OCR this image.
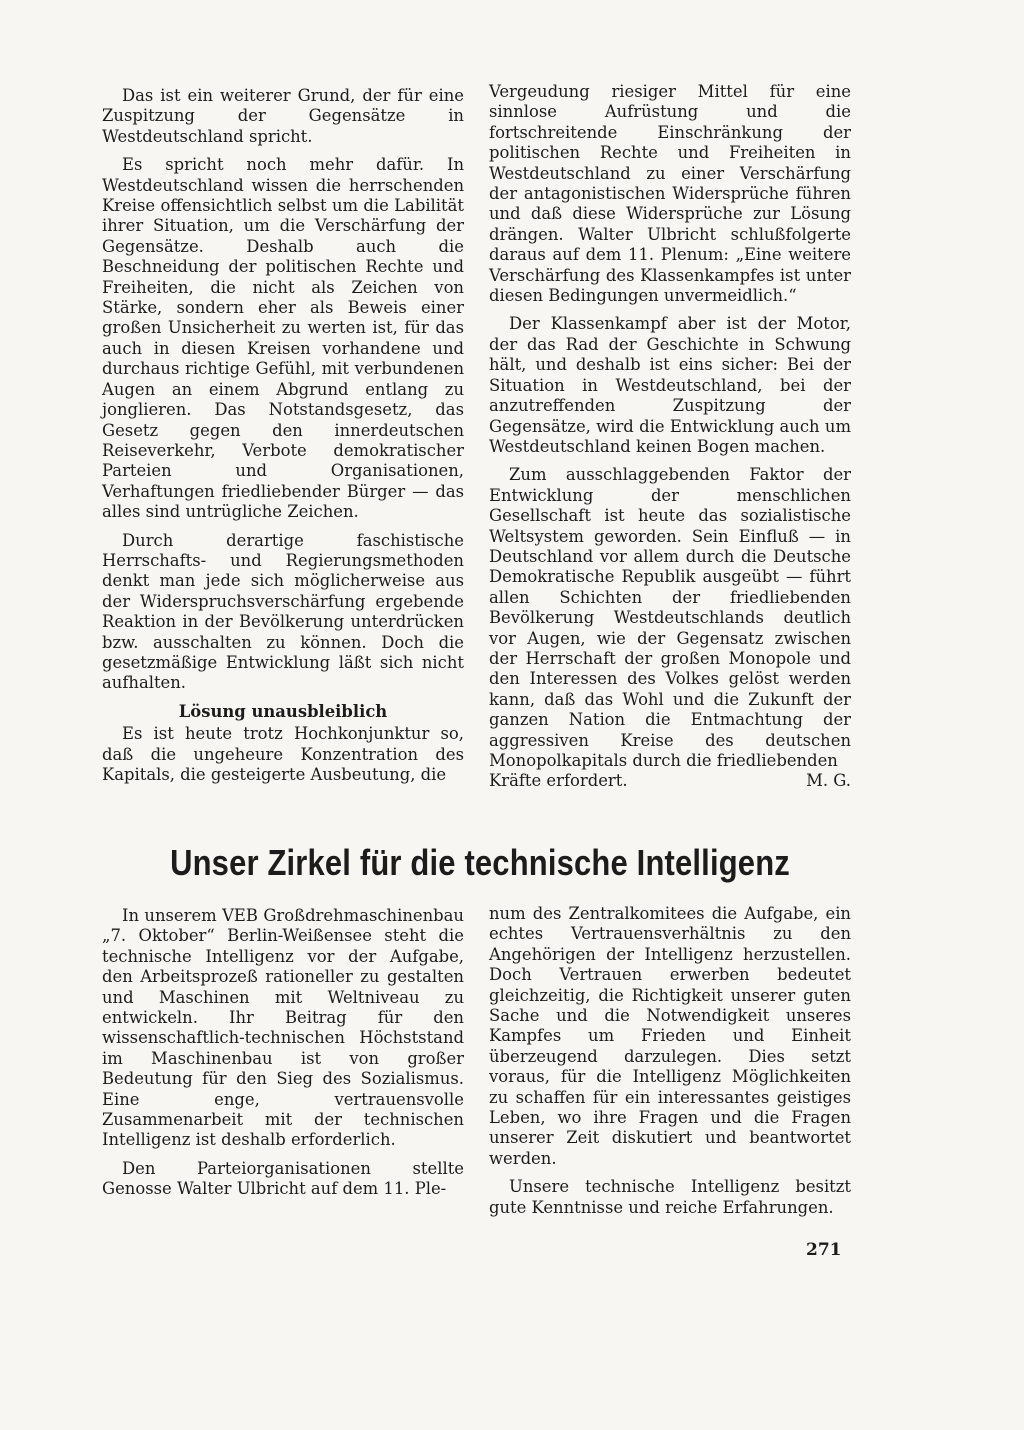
Das ist ein weiterer Grund, der für eine Zuspitzung der Gegensätze in Westdeutschland spricht.

Es spricht noch mehr dafür. In Westdeutschland wissen die herrschenden Kreise offensichtlich selbst um die Labilität ihrer Situation, um die Verschärfung der Gegensätze. Deshalb auch die Beschneidung der politischen Rechte und Freiheiten, die nicht als Zeichen von Stärke, sondern eher als Beweis einer großen Unsicherheit zu werten ist, für das auch in diesen Kreisen vorhandene und durchaus richtige Gefühl, mit verbundenen Augen an einem Abgrund entlang zu jonglieren. Das Notstandsgesetz, das Gesetz gegen den innerdeutschen Reiseverkehr, Verbote demokratischer Parteien und Organisationen, Verhaftungen friedliebender Bürger — das alles sind untrügliche Zeichen.

Durch derartige faschistische Herrschafts- und Regierungsmethoden denkt man jede sich möglicherweise aus der Widerspruchsverschärfung ergebende Reaktion in der Bevölkerung unterdrücken bzw. ausschalten zu können. Doch die gesetzmäßige Entwicklung läßt sich nicht aufhalten.

Lösung unausbleiblich

Es ist heute trotz Hochkonjunktur so, daß die ungeheure Konzentration des Kapitals, die gesteigerte Ausbeutung, die

Vergeudung riesiger Mittel für eine sinnlose Aufrüstung und die fortschreitende Einschränkung der politischen Rechte und Freiheiten in Westdeutschland zu einer Verschärfung der antagonistischen Widersprüche führen und daß diese Widersprüche zur Lösung drängen. Walter Ulbricht schlußfolgerte daraus auf dem 11. Plenum: „Eine weitere Verschärfung des Klassenkampfes ist unter diesen Bedingungen unvermeidlich.“

Der Klassenkampf aber ist der Motor, der das Rad der Geschichte in Schwung hält, und deshalb ist eins sicher: Bei der Situation in Westdeutschland, bei der anzutreffenden Zuspitzung der Gegensätze, wird die Entwicklung auch um Westdeutschland keinen Bogen machen.

Zum ausschlaggebenden Faktor der Entwicklung der menschlichen Gesellschaft ist heute das sozialistische Weltsystem geworden. Sein Einfluß — in Deutschland vor allem durch die Deutsche Demokratische Republik ausgeübt — führt allen Schichten der friedliebenden Bevölkerung Westdeutschlands deutlich vor Augen, wie der Gegensatz zwischen der Herrschaft der großen Monopole und den Interessen des Volkes gelöst werden kann, daß das Wohl und die Zukunft der ganzen Nation die Entmachtung der aggressiven Kreise des deutschen Monopolkapitals durch die friedliebenden

Kräfte erfordert.	M. G.
Unser Zirkel für die technische Intelligenz

In unserem VEB Großdrehmaschinenbau „7. Oktober“ Berlin-Weißensee steht die technische Intelligenz vor der Aufgabe, den Arbeitsprozeß rationeller zu gestalten und Maschinen mit Weltniveau zu entwickeln. Ihr Beitrag für den wissenschaftlich-technischen Höchststand im Maschinenbau ist von großer Bedeutung für den Sieg des Sozialismus. Eine enge, vertrauensvolle Zusammenarbeit mit der technischen Intelligenz ist deshalb erforderlich.

Den Parteiorganisationen stellte Genosse Walter Ulbricht auf dem 11. Ple-

num des Zentralkomitees die Aufgabe, ein echtes Vertrauensverhältnis zu den Angehörigen der Intelligenz herzustellen. Doch Vertrauen erwerben bedeutet gleichzeitig, die Richtigkeit unserer guten Sache und die Notwendigkeit unseres Kampfes um Frieden und Einheit überzeugend darzulegen. Dies setzt voraus, für die Intelligenz Möglichkeiten zu schaffen für ein interessantes geistiges Leben, wo ihre Fragen und die Fragen unserer Zeit diskutiert und beantwortet werden.

Unsere technische Intelligenz besitzt gute Kenntnisse und reiche Erfahrungen.

271
